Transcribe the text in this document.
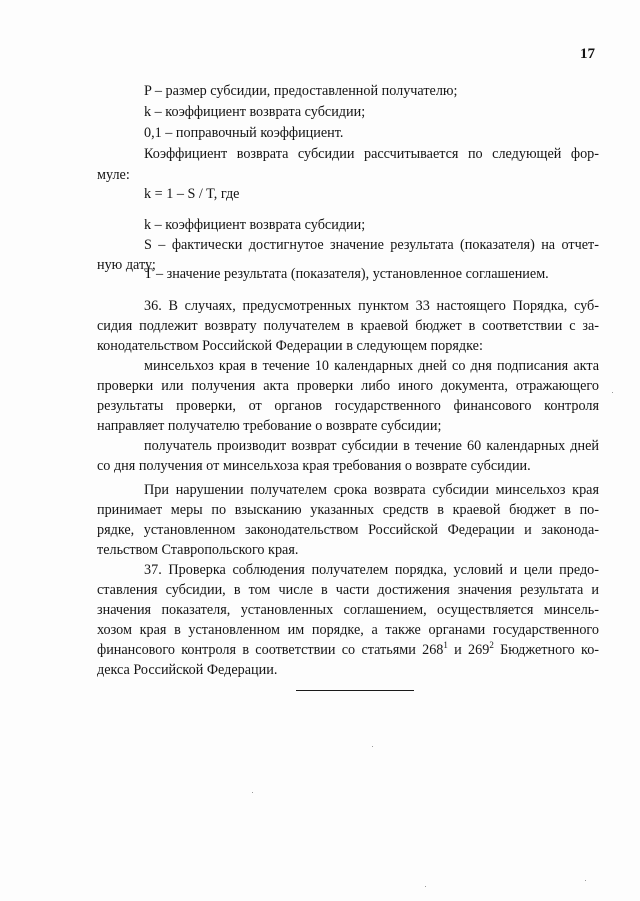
17
P – размер субсидии, предоставленной получателю;
k – коэффициент возврата субсидии;
0,1 – поправочный коэффициент.
Коэффициент возврата субсидии рассчитывается по следующей фор-
муле:
k = 1 – S / T, где
k – коэффициент возврата субсидии;
S – фактически достигнутое значение результата (показателя) на отчет-
ную дату;
T – значение результата (показателя), установленное соглашением.
36. В случаях, предусмотренных пунктом 33 настоящего Порядка, суб-
сидия подлежит возврату получателем в краевой бюджет в соответствии с за-
конодательством Российской Федерации в следующем порядке:
минсельхоз края в течение 10 календарных дней со дня подписания акта
проверки или получения акта проверки либо иного документа, отражающего
результаты проверки, от органов государственного финансового контроля
направляет получателю требование о возврате субсидии;
получатель производит возврат субсидии в течение 60 календарных дней
со дня получения от минсельхоза края требования о возврате субсидии.
При нарушении получателем срока возврата субсидии минсельхоз края
принимает меры по взысканию указанных средств в краевой бюджет в по-
рядке, установленном законодательством Российской Федерации и законода-
тельством Ставропольского края.
37. Проверка соблюдения получателем порядка, условий и цели предо-
ставления субсидии, в том числе в части достижения значения результата и
значения показателя, установленных соглашением, осуществляется минсель-
хозом края в установленном им порядке, а также органами государственного
финансового контроля в соответствии со статьями $268^1$ и $269^2$ Бюджетного ко-
декса Российской Федерации.
